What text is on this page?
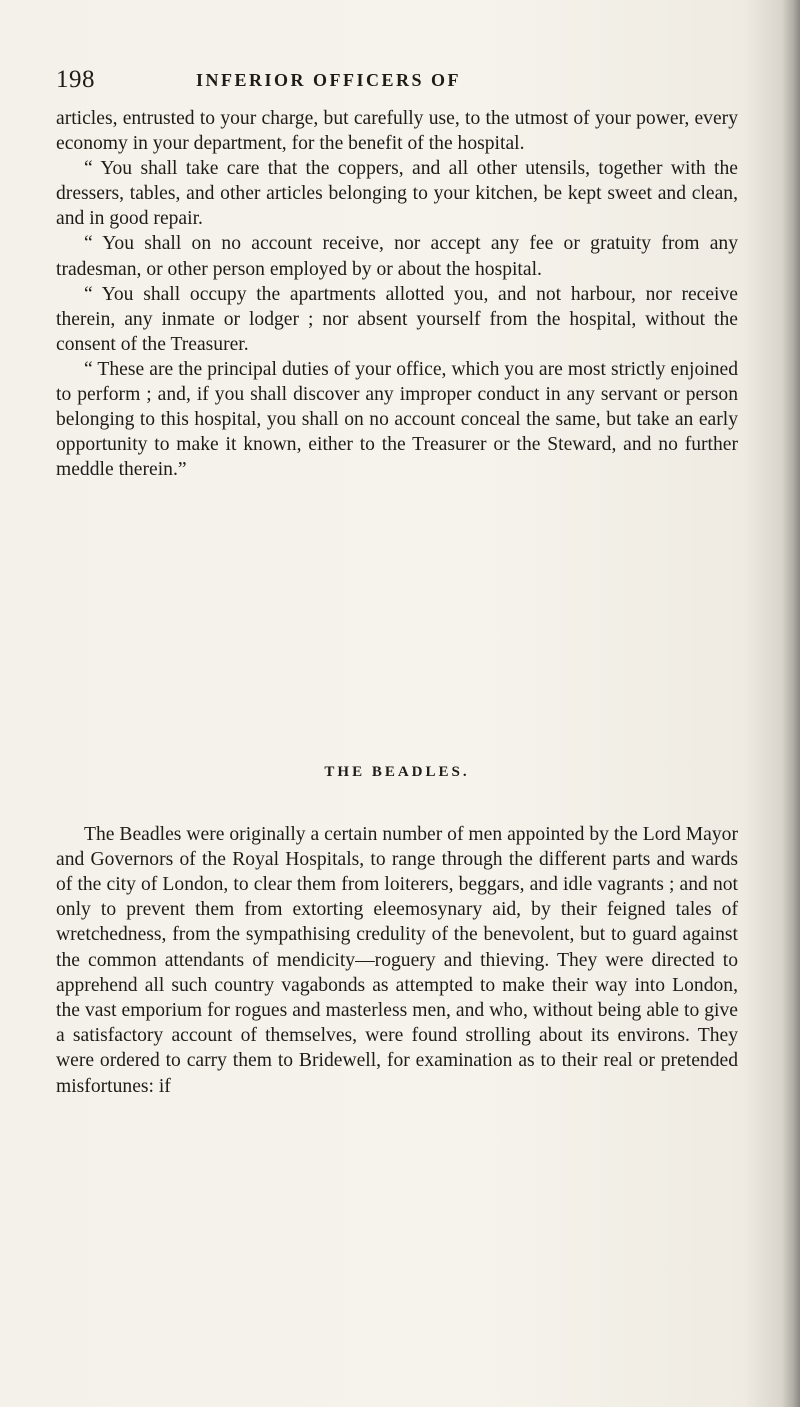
198	INFERIOR OFFICERS OF

articles, entrusted to your charge, but carefully use, to the utmost of your power, every economy in your department, for the benefit of the hospital.

“ You shall take care that the coppers, and all other utensils, together with the dressers, tables, and other articles belonging to your kitchen, be kept sweet and clean, and in good repair.

“ You shall on no account receive, nor accept any fee or gratuity from any tradesman, or other person employed by or about the hospital.

“ You shall occupy the apartments allotted you, and not harbour, nor receive therein, any inmate or lodger ; nor absent yourself from the hospital, without the consent of the Treasurer.

“ These are the principal duties of your office, which you are most strictly enjoined to perform ; and, if you shall discover any improper conduct in any servant or person belonging to this hospital, you shall on no account conceal the same, but take an early opportunity to make it known, either to the Treasurer or the Steward, and no further meddle therein.”

THE BEADLES.

The Beadles were originally a certain number of men appointed by the Lord Mayor and Governors of the Royal Hospitals, to range through the different parts and wards of the city of London, to clear them from loiterers, beggars, and idle vagrants ; and not only to prevent them from extorting eleemosynary aid, by their feigned tales of wretchedness, from the sympathising credulity of the benevolent, but to guard against the common attendants of mendicity—roguery and thieving. They were directed to apprehend all such country vagabonds as attempted to make their way into London, the vast emporium for rogues and masterless men, and who, without being able to give a satisfactory account of themselves, were found strolling about its environs. They were ordered to carry them to Bridewell, for examination as to their real or pretended misfortunes: if
